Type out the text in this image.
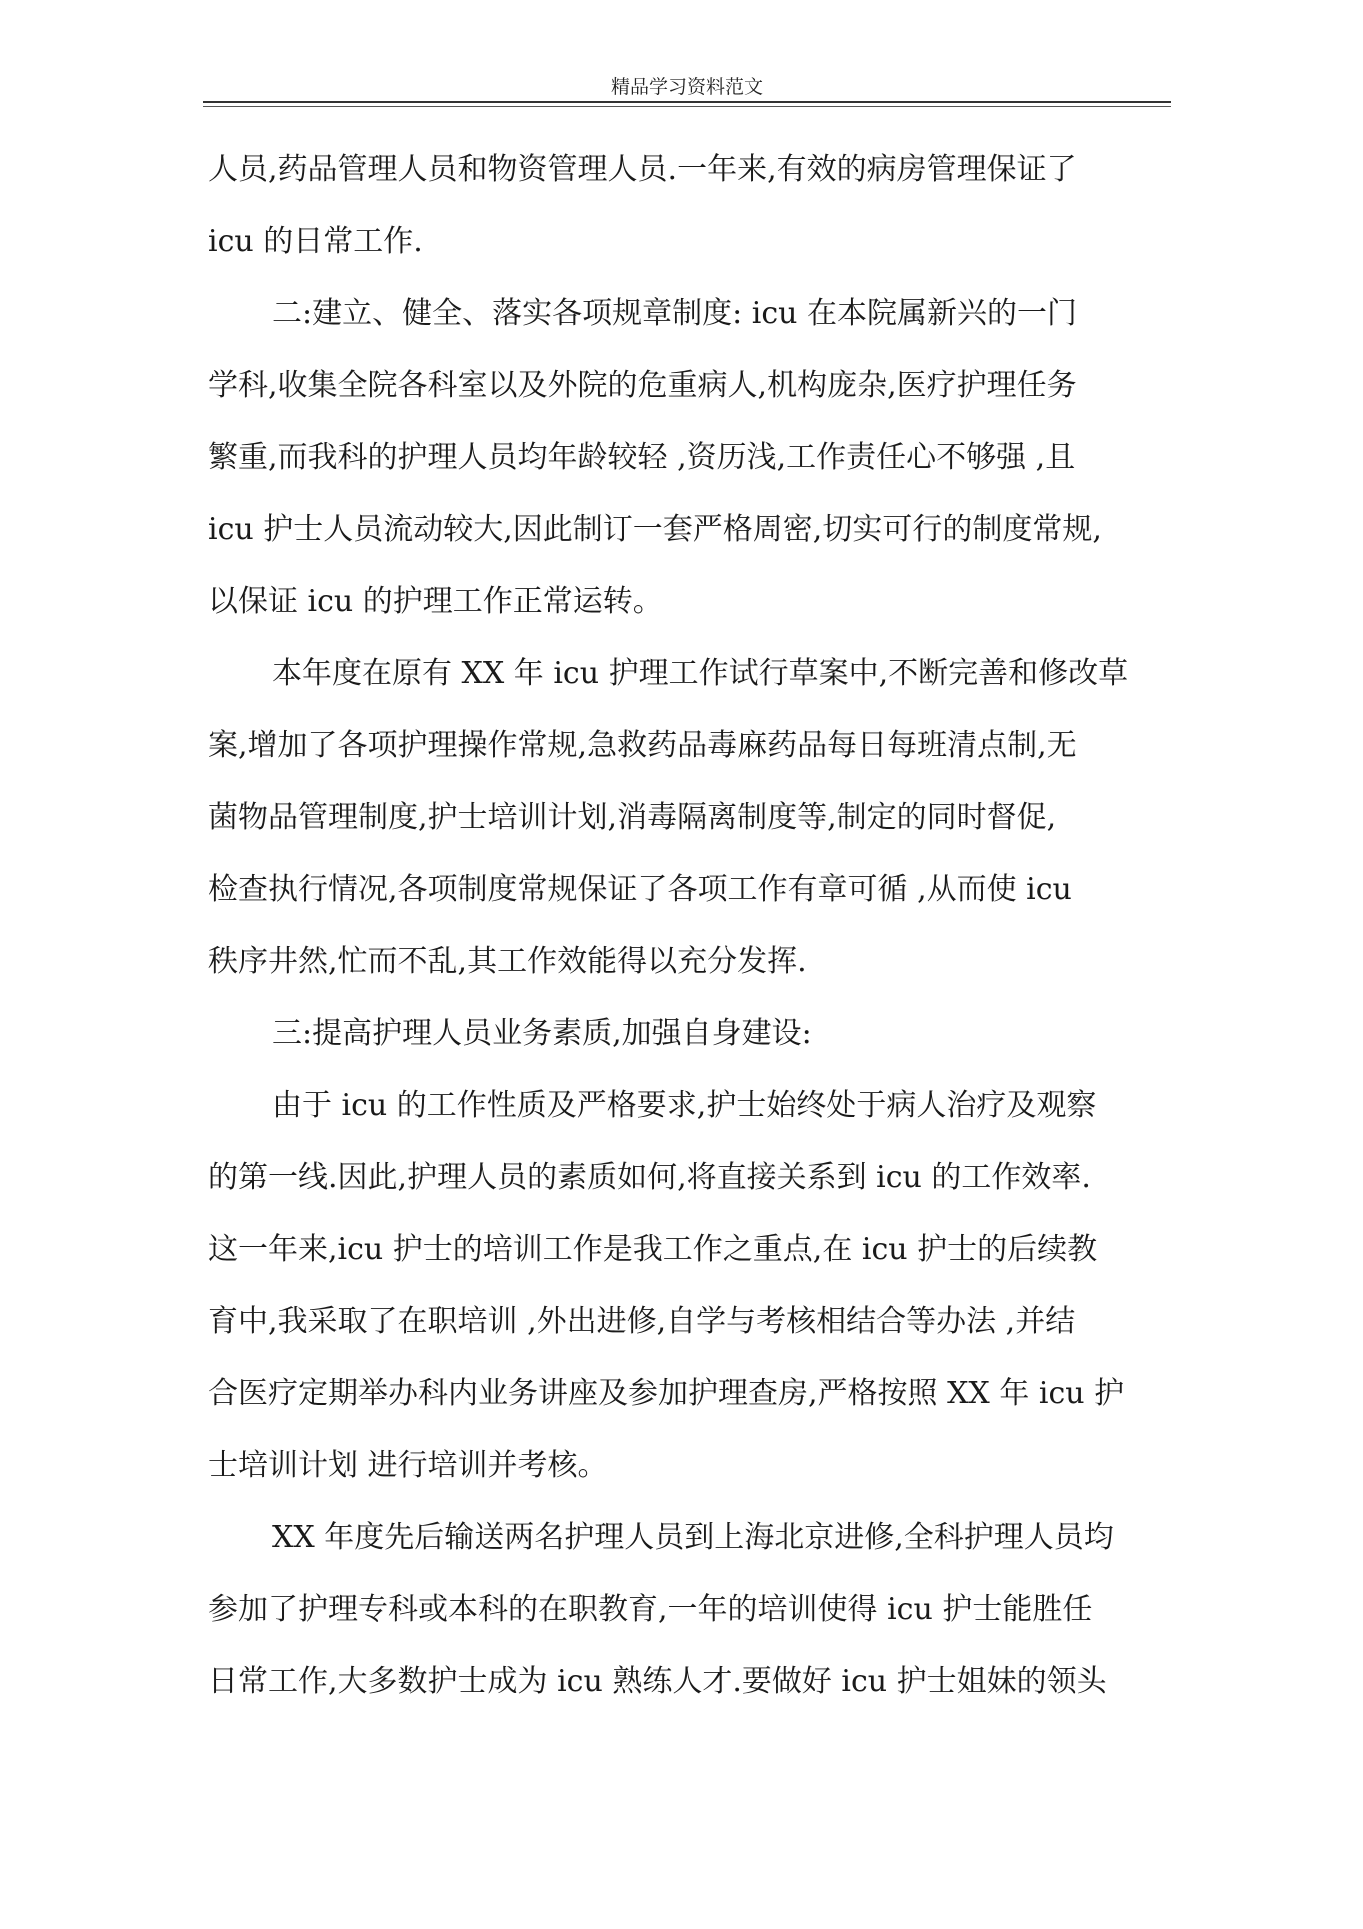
精品学习资料范文
人员,药品管理人员和物资管理人员.一年来,有效的病房管理保证了
icu 的日常工作.
二:建立、健全、落实各项规章制度: icu 在本院属新兴的一门
学科,收集全院各科室以及外院的危重病人,机构庞杂,医疗护理任务
繁重,而我科的护理人员均年龄较轻 ,资历浅,工作责任心不够强 ,且
icu 护士人员流动较大,因此制订一套严格周密,切实可行的制度常规,
以保证 icu 的护理工作正常运转。
本年度在原有 XX 年 icu 护理工作试行草案中,不断完善和修改草
案,增加了各项护理操作常规,急救药品毒麻药品每日每班清点制,无
菌物品管理制度,护士培训计划,消毒隔离制度等,制定的同时督促,
检查执行情况,各项制度常规保证了各项工作有章可循 ,从而使 icu
秩序井然,忙而不乱,其工作效能得以充分发挥.
三:提高护理人员业务素质,加强自身建设:
由于 icu 的工作性质及严格要求,护士始终处于病人治疗及观察
的第一线.因此,护理人员的素质如何,将直接关系到 icu 的工作效率.
这一年来,icu 护士的培训工作是我工作之重点,在 icu 护士的后续教
育中,我采取了在职培训 ,外出进修,自学与考核相结合等办法 ,并结
合医疗定期举办科内业务讲座及参加护理查房,严格按照 XX 年 icu 护
士培训计划 进行培训并考核。
XX 年度先后输送两名护理人员到上海北京进修,全科护理人员均
参加了护理专科或本科的在职教育,一年的培训使得 icu 护士能胜任
日常工作,大多数护士成为 icu 熟练人才.要做好 icu 护士姐妹的领头
